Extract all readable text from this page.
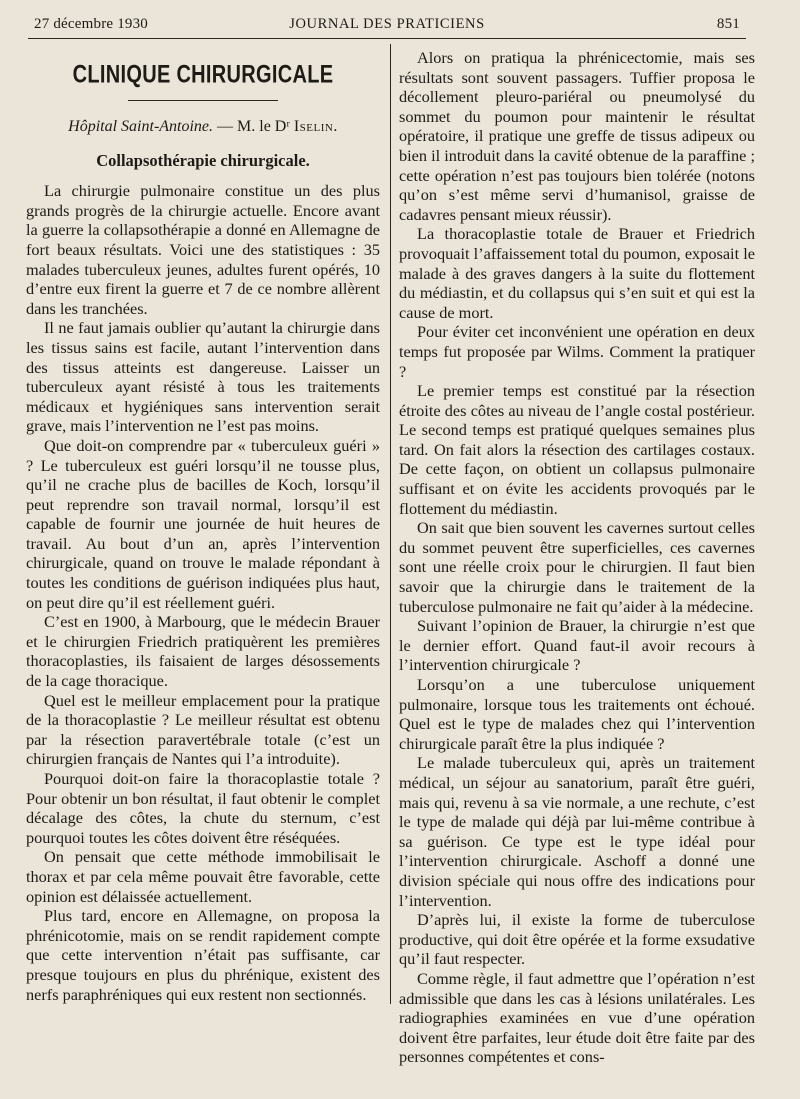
27 décembre 1930	JOURNAL DES PRATICIENS	851
CLINIQUE CHIRURGICALE
Hôpital Saint-Antoine. — M. le Dʳ Iselin.
Collapsothérapie chirurgicale.

La chirurgie pulmonaire constitue un des plus grands progrès de la chirurgie actuelle. Encore avant la guerre la collapsothérapie a donné en Allemagne de fort beaux résultats. Voici une des statistiques : 35 malades tuberculeux jeunes, adultes furent opérés, 10 d’entre eux firent la guerre et 7 de ce nombre allèrent dans les tranchées.

Il ne faut jamais oublier qu’autant la chirurgie dans les tissus sains est facile, autant l’intervention dans des tissus atteints est dangereuse. Laisser un tuberculeux ayant résisté à tous les traitements médicaux et hygiéniques sans intervention serait grave, mais l’intervention ne l’est pas moins.

Que doit-on comprendre par « tuberculeux guéri » ? Le tuberculeux est guéri lorsqu’il ne tousse plus, qu’il ne crache plus de bacilles de Koch, lorsqu’il peut reprendre son travail normal, lorsqu’il est capable de fournir une journée de huit heures de travail. Au bout d’un an, après l’intervention chirurgicale, quand on trouve le malade répondant à toutes les conditions de guérison indiquées plus haut, on peut dire qu’il est réellement guéri.

C’est en 1900, à Marbourg, que le médecin Brauer et le chirurgien Friedrich pratiquèrent les premières thoracoplasties, ils faisaient de larges désossements de la cage thoracique.

Quel est le meilleur emplacement pour la pratique de la thoracoplastie ? Le meilleur résultat est obtenu par la résection paravertébrale totale (c’est un chirurgien français de Nantes qui l’a introduite).

Pourquoi doit-on faire la thoracoplastie totale ? Pour obtenir un bon résultat, il faut obtenir le complet décalage des côtes, la chute du sternum, c’est pourquoi toutes les côtes doivent être réséquées.

On pensait que cette méthode immobilisait le thorax et par cela même pouvait être favorable, cette opinion est délaissée actuellement.

Plus tard, encore en Allemagne, on proposa la phrénicotomie, mais on se rendit rapidement compte que cette intervention n’était pas suffisante, car presque toujours en plus du phrénique, existent des nerfs paraphréniques qui eux restent non sectionnés.

Alors on pratiqua la phrénicectomie, mais ses résultats sont souvent passagers. Tuffier proposa le décollement pleuro-pariéral ou pneumolysé du sommet du poumon pour maintenir le résultat opératoire, il pratique une greffe de tissus adipeux ou bien il introduit dans la cavité obtenue de la paraffine ; cette opération n’est pas toujours bien tolérée (notons qu’on s’est même servi d’humanisol, graisse de cadavres pensant mieux réussir).

La thoracoplastie totale de Brauer et Friedrich provoquait l’affaissement total du poumon, exposait le malade à des graves dangers à la suite du flottement du médiastin, et du collapsus qui s’en suit et qui est la cause de mort.

Pour éviter cet inconvénient une opération en deux temps fut proposée par Wilms. Comment la pratiquer ?

Le premier temps est constitué par la résection étroite des côtes au niveau de l’angle costal postérieur. Le second temps est pratiqué quelques semaines plus tard. On fait alors la résection des cartilages costaux. De cette façon, on obtient un collapsus pulmonaire suffisant et on évite les accidents provoqués par le flottement du médiastin.

On sait que bien souvent les cavernes surtout celles du sommet peuvent être superficielles, ces cavernes sont une réelle croix pour le chirurgien. Il faut bien savoir que la chirurgie dans le traitement de la tuberculose pulmonaire ne fait qu’aider à la médecine.

Suivant l’opinion de Brauer, la chirurgie n’est que le dernier effort. Quand faut-il avoir recours à l’intervention chirurgicale ?

Lorsqu’on a une tuberculose uniquement pulmonaire, lorsque tous les traitements ont échoué. Quel est le type de malades chez qui l’intervention chirurgicale paraît être la plus indiquée ?

Le malade tuberculeux qui, après un traitement médical, un séjour au sanatorium, paraît être guéri, mais qui, revenu à sa vie normale, a une rechute, c’est le type de malade qui déjà par lui-même contribue à sa guérison. Ce type est le type idéal pour l’intervention chirurgicale. Aschoff a donné une division spéciale qui nous offre des indications pour l’intervention.

D’après lui, il existe la forme de tuberculose productive, qui doit être opérée et la forme exsudative qu’il faut respecter.

Comme règle, il faut admettre que l’opération n’est admissible que dans les cas à lésions unilatérales. Les radiographies examinées en vue d’une opération doivent être parfaites, leur étude doit être faite par des personnes compétentes et cons-
